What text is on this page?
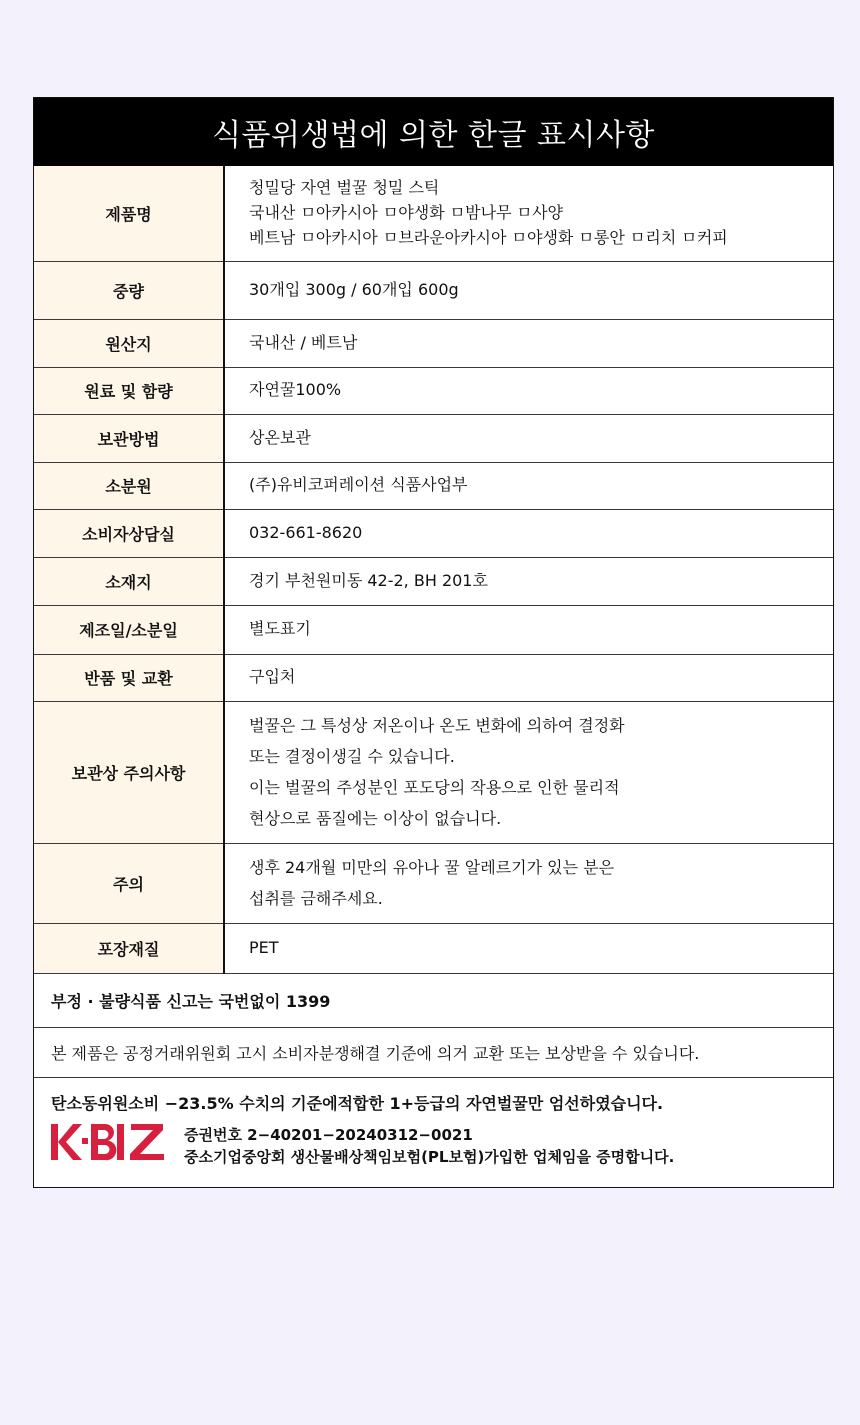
식품위생법에 의한 한글 표시사항
제품명	청밀당 자연 벌꿀 청밀 스틱
국내산 ㅁ아카시아 ㅁ야생화 ㅁ밤나무 ㅁ사양
베트남 ㅁ아카시아 ㅁ브라운아카시아 ㅁ야생화 ㅁ롱안 ㅁ리치 ㅁ커피

중량	30개입 300g / 60개입 600g

원산지	국내산 / 베트남

원료 및 함량	자연꿀100%

보관방법	상온보관

소분원	(주)유비코퍼레이션 식품사업부

소비자상담실	032-661-8620

소재지	경기 부천원미동 42-2, BH 201호

제조일/소분일	별도표기

반품 및 교환	구입처

보관상 주의사항	벌꿀은 그 특성상 저온이나 온도 변화에 의하여 결정화
또는 결정이생길 수 있습니다.
이는 벌꿀의 주성분인 포도당의 작용으로 인한 물리적
현상으로 품질에는 이상이 없습니다.

주의	생후 24개월 미만의 유아나 꿀 알레르기가 있는 분은
섭취를 금해주세요.

포장재질	PET
부정 · 불량식품 신고는 국번없이 1399
본 제품은 공정거래위원회 고시 소비자분쟁해결 기준에 의거 교환 또는 보상받을 수 있습니다.
탄소동위원소비 −23.5% 수치의 기준에적합한 1+등급의 자연벌꿀만 엄선하였습니다.
증권번호 2−40201−20240312−0021
중소기업중앙회 생산물배상책임보험(PL보험)가입한 업체임을 증명합니다.
